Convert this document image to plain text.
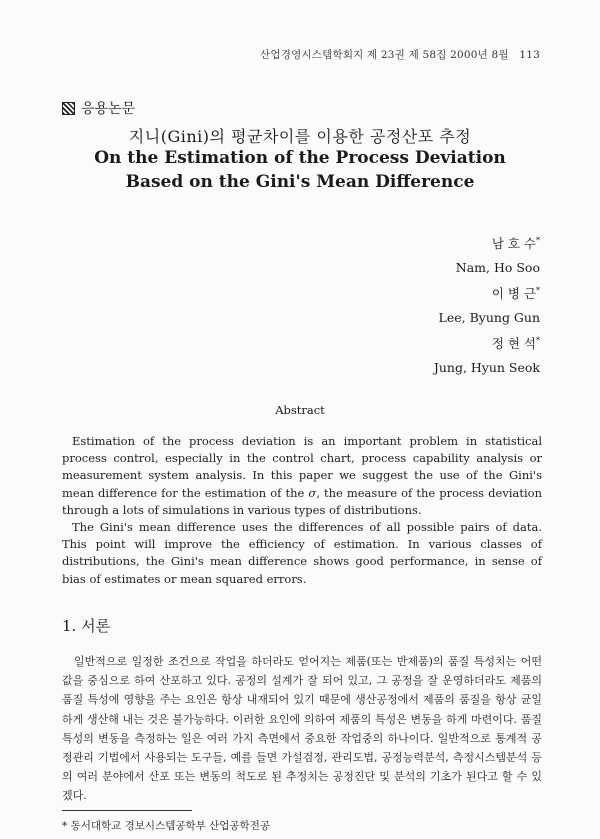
산업경영시스템학회지 제 23권 제 58집 2000년 8월 113
응용논문
지니(Gini)의 평균차이를 이용한 공정산포 추정
On the Estimation of the Process Deviation
Based on the Gini's Mean Difference
남 호 수*
Nam, Ho Soo
이 병 근*
Lee, Byung Gun
정 현 석*
Jung, Hyun Seok
Abstract

Estimation of the process deviation is an important problem in statistical process control, especially in the control chart, process capability analysis or measurement system analysis. In this paper we suggest the use of the Gini's mean difference for the estimation of the σ, the measure of the process deviation through a lots of simulations in various types of distributions.

The Gini's mean difference uses the differences of all possible pairs of data. This point will improve the efficiency of estimation. In various classes of distributions, the Gini's mean difference shows good performance, in sense of bias of estimates or mean squared errors.

1. 서론
일반적으로 일정한 조건으로 작업을 하더라도 얻어지는 제품(또는 반제품)의 품질 특성치는 어떤 값을 중심으로 하여 산포하고 있다. 공정의 설계가 잘 되어 있고, 그 공정을 잘 운영하더라도 제품의 품질 특성에 영향을 주는 요인은 항상 내재되어 있기 때문에 생산공정에서 제품의 품질을 항상 균일하게 생산해 내는 것은 불가능하다. 이러한 요인에 의하여 제품의 특성은 변동을 하게 마련이다. 품질특성의 변동을 측정하는 일은 여러 가지 측면에서 중요한 작업중의 하나이다. 일반적으로 통계적 공정관리 기법에서 사용되는 도구들, 예를 들면 가설검정, 관리도법, 공정능력분석, 측정시스템분석 등의 여러 분야에서 산포 또는 변동의 척도로 된 추정치는 공정진단 및 분석의 기초가 된다고 할 수 있겠다.
* 동서대학교 경보시스템공학부 산업공학전공
